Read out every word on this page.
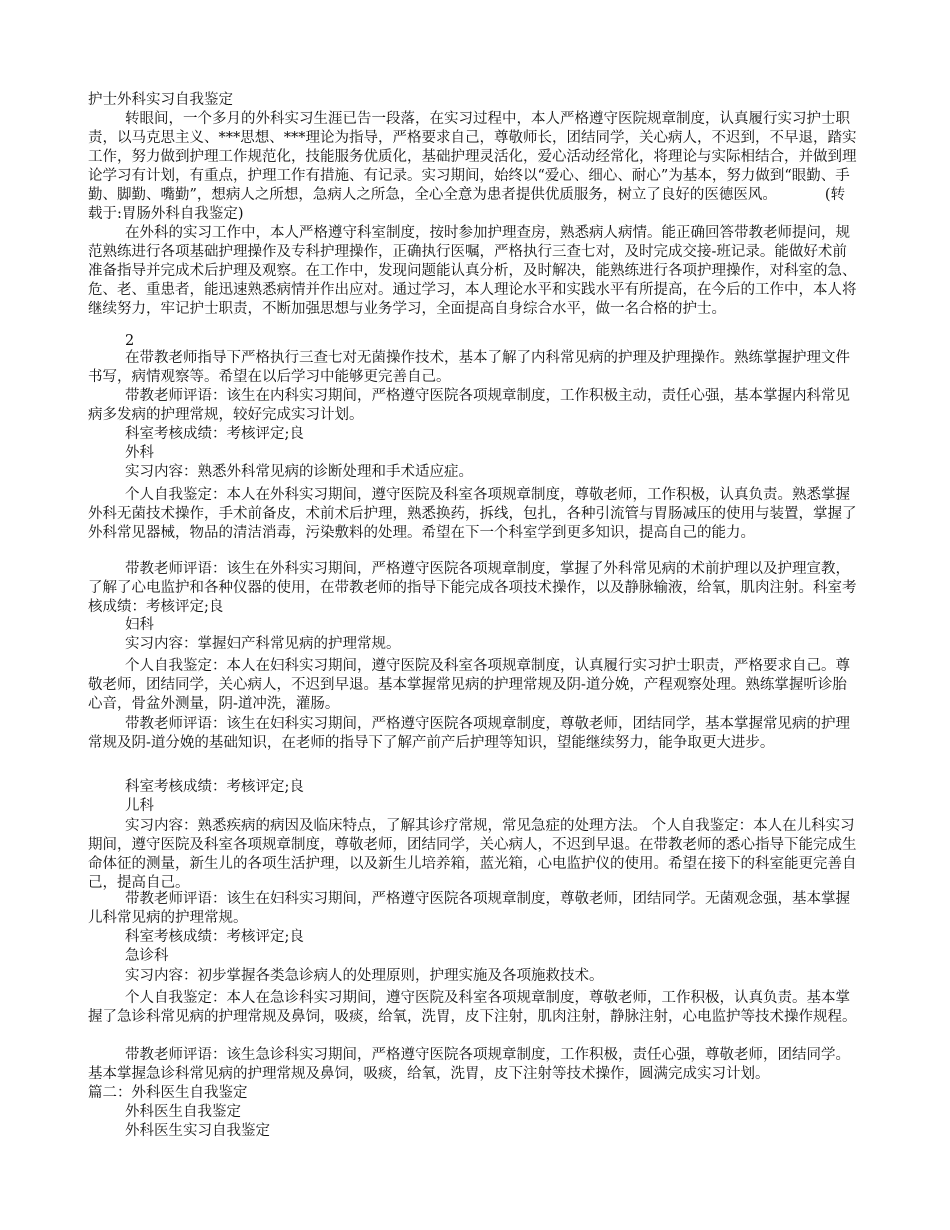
护士外科实习自我鉴定
转眼间，一个多月的外科实习生涯已告一段落，在实习过程中，本人严格遵守医院规章制度，认真履行实习护士职责，以马克思主义、***思想、***理论为指导，严格要求自己，尊敬师长，团结同学，关心病人，不迟到，不早退，踏实工作，努力做到护理工作规范化，技能服务优质化，基础护理灵活化，爱心活动经常化，将理论与实际相结合，并做到理论学习有计划，有重点，护理工作有措施、有记录。实习期间，始终以“爱心、细心、耐心”为基本，努力做到“眼勤、手勤、脚勤、嘴勤”，想病人之所想，急病人之所急，全心全意为患者提供优质服务，树立了良好的医德医风。	(转载于:胃肠外科自我鉴定)
在外科的实习工作中，本人严格遵守科室制度，按时参加护理查房，熟悉病人病情。能正确回答带教老师提问，规范熟练进行各项基础护理操作及专科护理操作，正确执行医嘱，严格执行三查七对，及时完成交接-班记录。能做好术前准备指导并完成术后护理及观察。在工作中，发现问题能认真分析，及时解决，能熟练进行各项护理操作，对科室的急、危、老、重患者，能迅速熟悉病情并作出应对。通过学习，本人理论水平和实践水平有所提高，在今后的工作中，本人将继续努力，牢记护士职责，不断加强思想与业务学习，全面提高自身综合水平，做一名合格的护士。
2
在带教老师指导下严格执行三查七对无菌操作技术，基本了解了内科常见病的护理及护理操作。熟练掌握护理文件书写，病情观察等。希望在以后学习中能够更完善自己。
带教老师评语：该生在内科实习期间，严格遵守医院各项规章制度，工作积极主动，责任心强，基本掌握内科常见病多发病的护理常规，较好完成实习计划。
科室考核成绩：考核评定;良
外科
实习内容：熟悉外科常见病的诊断处理和手术适应症。
个人自我鉴定：本人在外科实习期间，遵守医院及科室各项规章制度，尊敬老师，工作积极，认真负责。熟悉掌握外科无菌技术操作，手术前备皮，术前术后护理，熟悉换药，拆线，包扎，各种引流管与胃肠减压的使用与装置，掌握了外科常见器械，物品的清洁消毒，污染敷料的处理。希望在下一个科室学到更多知识，提高自己的能力。
带教老师评语：该生在外科实习期间，严格遵守医院各项规章制度，掌握了外科常见病的术前护理以及护理宣教，了解了心电监护和各种仪器的使用，在带教老师的指导下能完成各项技术操作，以及静脉输液，给氧，肌肉注射。科室考核成绩：考核评定;良
妇科
实习内容：掌握妇产科常见病的护理常规。
个人自我鉴定：本人在妇科实习期间，遵守医院及科室各项规章制度，认真履行实习护士职责，严格要求自己。尊敬老师，团结同学，关心病人，不迟到早退。基本掌握常见病的护理常规及阴-道分娩，产程观察处理。熟练掌握听诊胎心音，骨盆外测量，阴-道冲洗，灌肠。
带教老师评语：该生在妇科实习期间，严格遵守医院各项规章制度，尊敬老师，团结同学，基本掌握常见病的护理常规及阴-道分娩的基础知识，在老师的指导下了解产前产后护理等知识，望能继续努力，能争取更大进步。
科室考核成绩：考核评定;良
儿科
实习内容：熟悉疾病的病因及临床特点，了解其诊疗常规，常见急症的处理方法。 个人自我鉴定：本人在儿科实习期间，遵守医院及科室各项规章制度，尊敬老师，团结同学，关心病人，不迟到早退。在带教老师的悉心指导下能完成生命体征的测量，新生儿的各项生活护理，以及新生儿培养箱，蓝光箱，心电监护仪的使用。希望在接下的科室能更完善自己，提高自己。
带教老师评语：该生在妇科实习期间，严格遵守医院各项规章制度，尊敬老师，团结同学。无菌观念强，基本掌握儿科常见病的护理常规。
科室考核成绩：考核评定;良
急诊科
实习内容：初步掌握各类急诊病人的处理原则，护理实施及各项施救技术。
个人自我鉴定：本人在急诊科实习期间，遵守医院及科室各项规章制度，尊敬老师，工作积极，认真负责。基本掌握了急诊科常见病的护理常规及鼻饲，吸痰，给氧，洗胃，皮下注射，肌肉注射，静脉注射，心电监护等技术操作规程。
带教老师评语：该生急诊科实习期间，严格遵守医院各项规章制度，工作积极，责任心强，尊敬老师，团结同学。基本掌握急诊科常见病的护理常规及鼻饲，吸痰，给氧，洗胃，皮下注射等技术操作，圆满完成实习计划。
篇二：外科医生自我鉴定
外科医生自我鉴定
外科医生实习自我鉴定
